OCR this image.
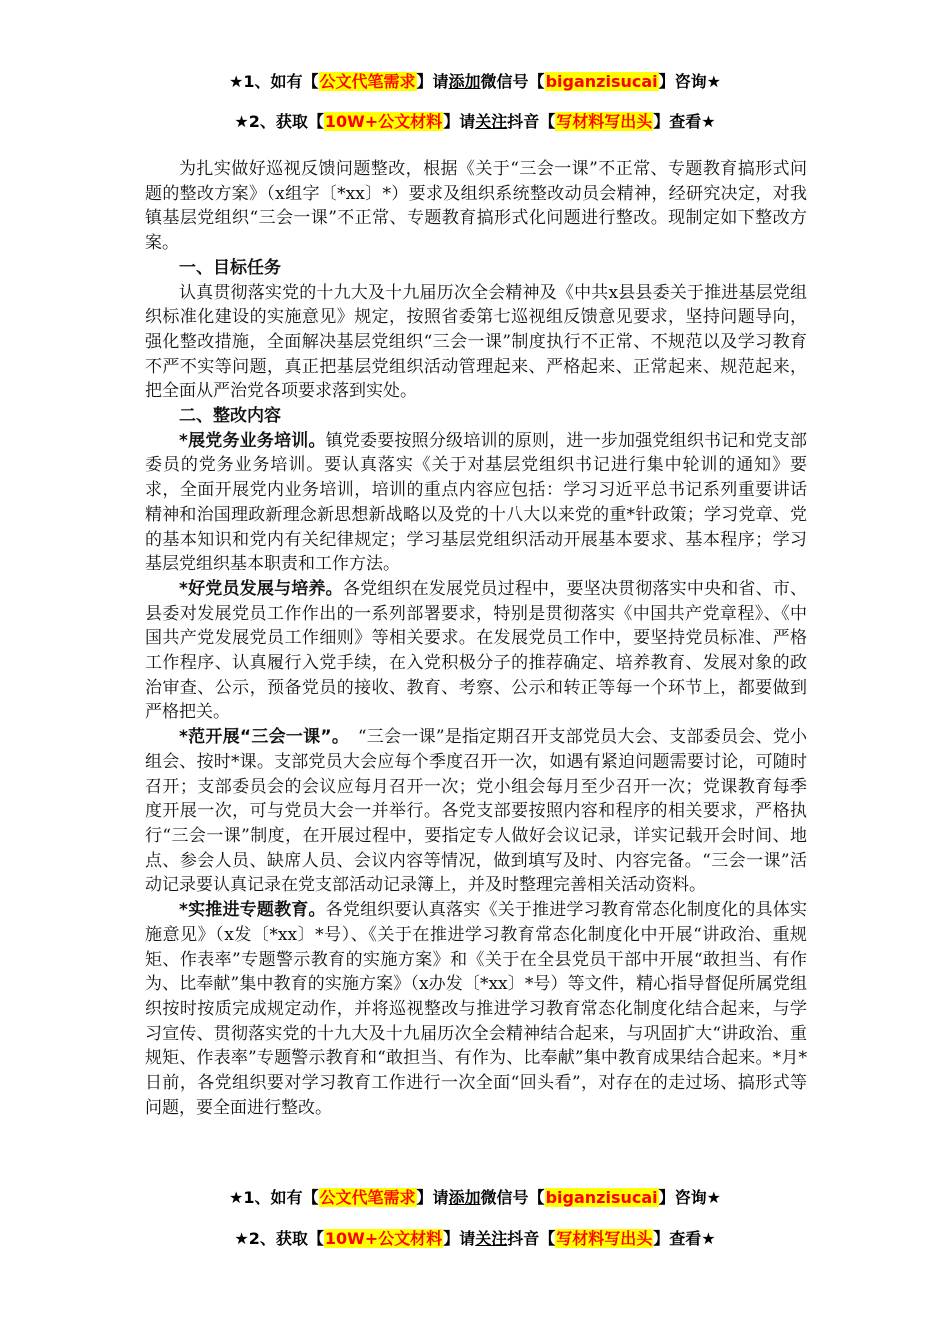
★1、如有【公文代笔需求】请添加微信号【biganzisucai】咨询★
★2、获取【10W+公文材料】请关注抖音【写材料写出头】查看★

为扎实做好巡视反馈问题整改，根据《关于“三会一课”不正常、专题教育搞形式问题的整改方案》（x组字〔*xx〕*）要求及组织系统整改动员会精神，经研究决定，对我镇基层党组织“三会一课”不正常、专题教育搞形式化问题进行整改。现制定如下整改方案。

一、目标任务

认真贯彻落实党的十九大及十九届历次全会精神及《中共x县县委关于推进基层党组织标准化建设的实施意见》规定，按照省委第七巡视组反馈意见要求，坚持问题导向，强化整改措施，全面解决基层党组织“三会一课”制度执行不正常、不规范以及学习教育不严不实等问题，真正把基层党组织活动管理起来、严格起来、正常起来、规范起来，把全面从严治党各项要求落到实处。

二、整改内容

*展党务业务培训。镇党委要按照分级培训的原则，进一步加强党组织书记和党支部委员的党务业务培训。要认真落实《关于对基层党组织书记进行集中轮训的通知》要求，全面开展党内业务培训，培训的重点内容应包括：学习习近平总书记系列重要讲话精神和治国理政新理念新思想新战略以及党的十八大以来党的重*针政策；学习党章、党的基本知识和党内有关纪律规定；学习基层党组织活动开展基本要求、基本程序；学习基层党组织基本职责和工作方法。

*好党员发展与培养。各党组织在发展党员过程中，要坚决贯彻落实中央和省、市、县委对发展党员工作作出的一系列部署要求，特别是贯彻落实《中国共产党章程》、《中国共产党发展党员工作细则》等相关要求。在发展党员工作中，要坚持党员标准、严格工作程序、认真履行入党手续，在入党积极分子的推荐确定、培养教育、发展对象的政治审查、公示，预备党员的接收、教育、考察、公示和转正等每一个环节上，都要做到严格把关。

*范开展“三会一课”。　“三会一课”是指定期召开支部党员大会、支部委员会、党小组会、按时*课。支部党员大会应每个季度召开一次，如遇有紧迫问题需要讨论，可随时召开；支部委员会的会议应每月召开一次；党小组会每月至少召开一次；党课教育每季度开展一次，可与党员大会一并举行。各党支部要按照内容和程序的相关要求，严格执行“三会一课”制度，在开展过程中，要指定专人做好会议记录，详实记载开会时间、地点、参会人员、缺席人员、会议内容等情况，做到填写及时、内容完备。“三会一课”活动记录要认真记录在党支部活动记录簿上，并及时整理完善相关活动资料。

*实推进专题教育。各党组织要认真落实《关于推进学习教育常态化制度化的具体实施意见》（x发〔*xx〕*号）、《关于在推进学习教育常态化制度化中开展“讲政治、重规矩、作表率”专题警示教育的实施方案》和《关于在全县党员干部中开展“敢担当、有作为、比奉献”集中教育的实施方案》（x办发〔*xx〕*号）等文件，精心指导督促所属党组织按时按质完成规定动作，并将巡视整改与推进学习教育常态化制度化结合起来，与学习宣传、贯彻落实党的十九大及十九届历次全会精神结合起来，与巩固扩大“讲政治、重规矩、作表率”专题警示教育和“敢担当、有作为、比奉献”集中教育成果结合起来。*月*日前，各党组织要对学习教育工作进行一次全面“回头看”，对存在的走过场、搞形式等问题，要全面进行整改。

★1、如有【公文代笔需求】请添加微信号【biganzisucai】咨询★
★2、获取【10W+公文材料】请关注抖音【写材料写出头】查看★
